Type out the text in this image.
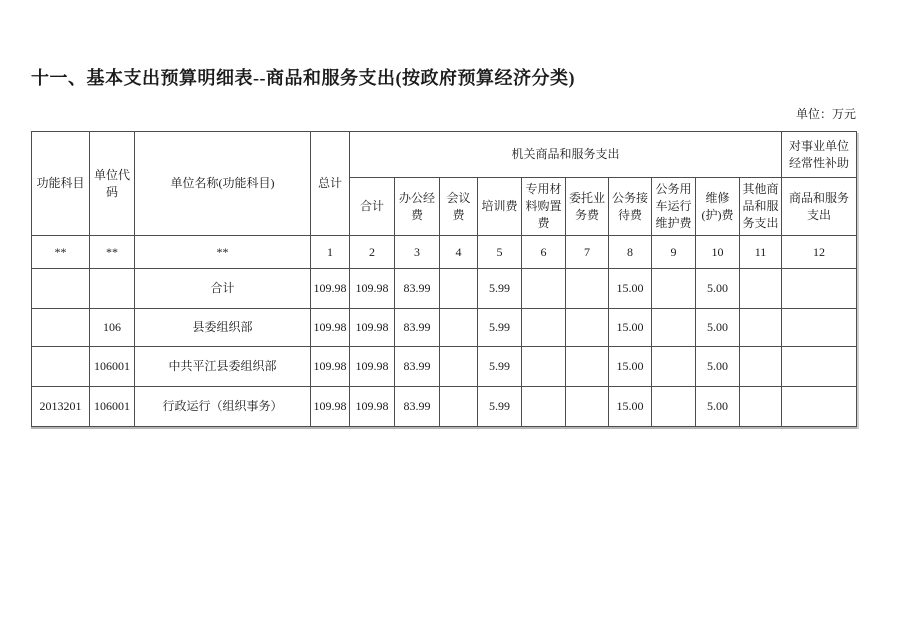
十一、基本支出预算明细表--商品和服务支出(按政府预算经济分类)
单位：万元
功能科目	单位代码	单位名称(功能科目)	总计	机关商品和服务支出										对事业单位经常性补助
				合计	办公经费	会议费	培训费	专用材料购置费	委托业务费	公务接待费	公务用车运行维护费	维修(护)费	其他商品和服务支出	商品和服务支出
**	**	**	1	2	3	4	5	6	7	8	9	10	11	12
		合计	109.98	109.98	83.99		5.99			15.00		5.00		
	106	县委组织部	109.98	109.98	83.99		5.99			15.00		5.00		
	106001	中共平江县委组织部	109.98	109.98	83.99		5.99			15.00		5.00		
2013201	106001	行政运行（组织事务）	109.98	109.98	83.99		5.99			15.00		5.00		
